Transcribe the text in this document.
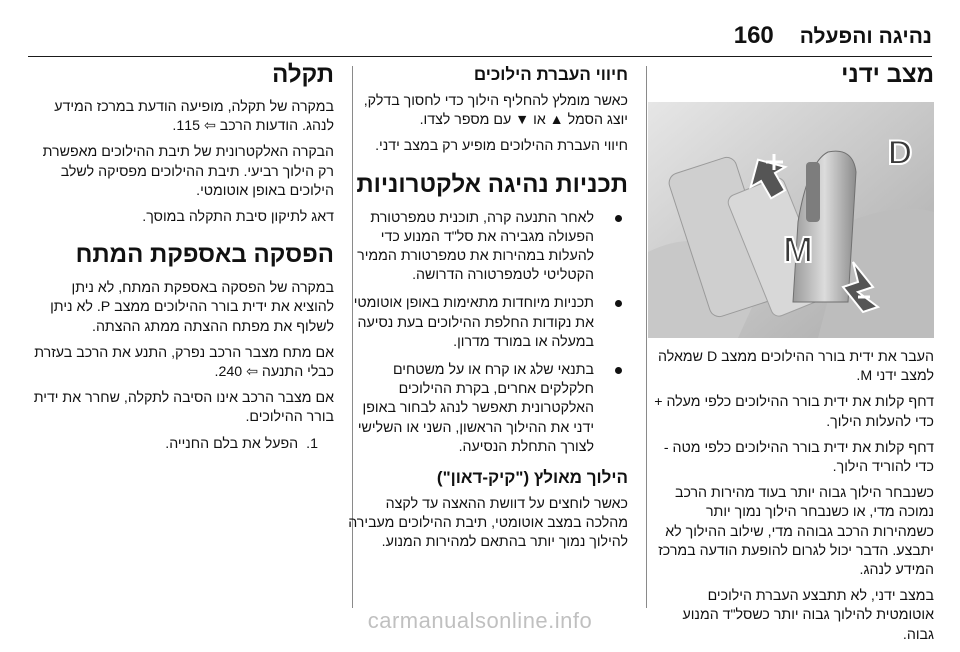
נהיגה והפעלה
160
מצב ידני
D
M

העבר את ידית בורר ההילוכים ממצב D שמאלה למצב ידני M.

דחף קלות את ידית בורר ההילוכים כלפי מעלה + כדי להעלות הילוך.

דחף קלות את ידית בורר ההילוכים כלפי מטה - כדי להוריד הילוך.

כשנבחר הילוך גבוה יותר בעוד מהירות הרכב נמוכה מדי, או כשנבחר הילוך נמוך יותר כשמהירות הרכב גבוהה מדי, שילוב ההילוך לא יתבצע. הדבר יכול לגרום להופעת הודעה במרכז המידע לנהג.

במצב ידני, לא תתבצע העברת הילוכים אוטומטית להילוך גבוה יותר כשסל"ד המנוע גבוה.

חיווי העברת הילוכים

כאשר מומלץ להחליף הילוך כדי לחסוך בדלק, יוצג הסמל ▲ או ▼ עם מספר לצדו.

חיווי העברת ההילוכים מופיע רק במצב ידני.

תכניות נהיגה אלקטרוניות
לאחר התנעה קרה, תוכנית טמפרטורת הפעולה מגבירה את סל"ד המנוע כדי להעלות במהירות את טמפרטורת הממיר הקטליטי לטמפרטורה הדרושה.
תכניות מיוחדות מתאימות באופן אוטומטי את נקודות החלפת ההילוכים בעת נסיעה במעלה או במורד מדרון.
בתנאי שלג או קרח או על משטחים חלקלקים אחרים, בקרת ההילוכים האלקטרונית תאפשר לנהג לבחור באופן ידני את ההילוך הראשון, השני או השלישי לצורך התחלת הנסיעה.
הילוך מאולץ ("קיק-דאון")

כאשר לוחצים על דוושת ההאצה עד לקצה מהלכה במצב אוטומטי, תיבת ההילוכים מעבירה להילוך נמוך יותר בהתאם למהירות המנוע.

תקלה

במקרה של תקלה, מופיעה הודעת במרכז המידע לנהג. הודעות הרכב ⇦ 115.

הבקרה האלקטרונית של תיבת ההילוכים מאפשרת רק הילוך רביעי. תיבת ההילוכים מפסיקה לשלב הילוכים באופן אוטומטי.

דאג לתיקון סיבת התקלה במוסך.

הפסקה באספקת המתח

במקרה של הפסקה באספקת המתח, לא ניתן להוציא את ידית בורר ההילוכים ממצב P. לא ניתן לשלוף את מפתח ההצתה ממתג ההצתה.

אם מתח מצבר הרכב נפרק, התנע את הרכב בעזרת כבלי התנעה ⇦ 240.

אם מצבר הרכב אינו הסיבה לתקלה, שחרר את ידית בורר ההילוכים.

1.
הפעל את בלם החנייה.
carmanualsonline.info
